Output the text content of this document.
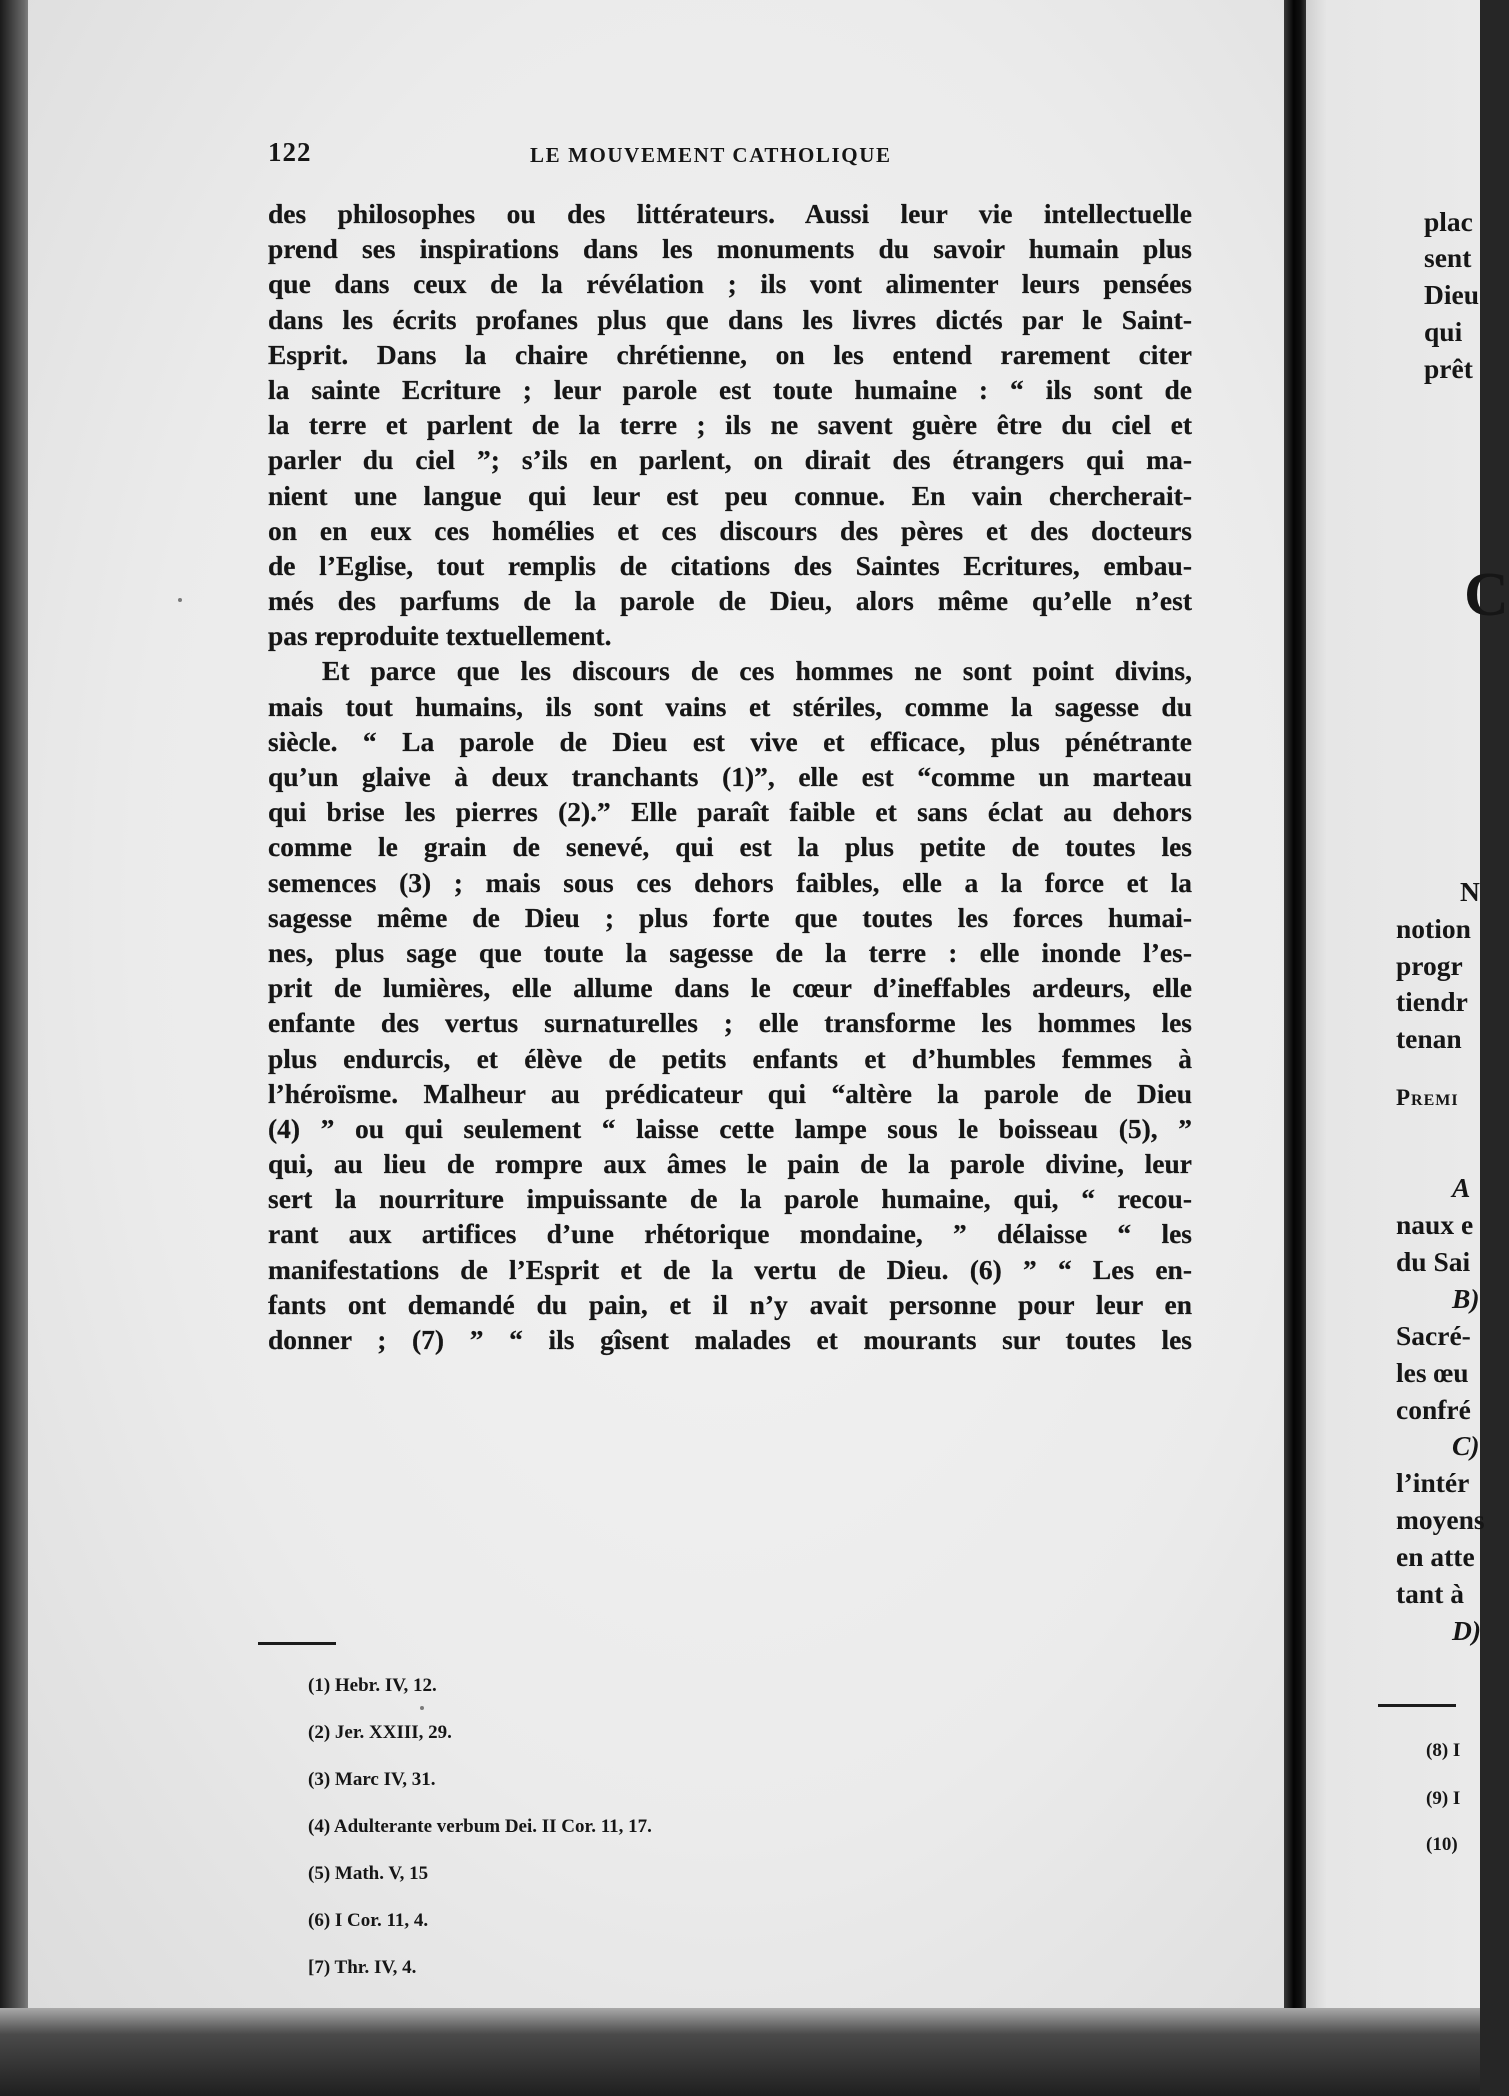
122	LE MOUVEMENT CATHOLIQUE
des philosophes ou des littérateurs. Aussi leur vie intellectuelle
prend ses inspirations dans les monuments du savoir humain plus
que dans ceux de la révélation ; ils vont alimenter leurs pensées
dans les écrits profanes plus que dans les livres dictés par le Saint-
Esprit. Dans la chaire chrétienne, on les entend rarement citer
la sainte Ecriture ; leur parole est toute humaine : “ ils sont de
la terre et parlent de la terre ; ils ne savent guère être du ciel et
parler du ciel ”; s’ils en parlent, on dirait des étrangers qui ma-
nient une langue qui leur est peu connue. En vain chercherait-
on en eux ces homélies et ces discours des pères et des docteurs
de l’Eglise, tout remplis de citations des Saintes Ecritures, embau-
més des parfums de la parole de Dieu, alors même qu’elle n’est
pas reproduite textuellement.
Et parce que les discours de ces hommes ne sont point divins,
mais tout humains, ils sont vains et stériles, comme la sagesse du
siècle. “ La parole de Dieu est vive et efficace, plus pénétrante
qu’un glaive à deux tranchants (1)”, elle est “comme un marteau
qui brise les pierres (2).” Elle paraît faible et sans éclat au dehors
comme le grain de senevé, qui est la plus petite de toutes les
semences (3) ; mais sous ces dehors faibles, elle a la force et la
sagesse même de Dieu ; plus forte que toutes les forces humai-
nes, plus sage que toute la sagesse de la terre : elle inonde l’es-
prit de lumières, elle allume dans le cœur d’ineffables ardeurs, elle
enfante des vertus surnaturelles ; elle transforme les hommes les
plus endurcis, et élève de petits enfants et d’humbles femmes à
l’héroïsme. Malheur au prédicateur qui “altère la parole de Dieu
(4) ” ou qui seulement “ laisse cette lampe sous le boisseau (5), ”
qui, au lieu de rompre aux âmes le pain de la parole divine, leur
sert la nourriture impuissante de la parole humaine, qui, “ recou-
rant aux artifices d’une rhétorique mondaine, ” délaisse “ les
manifestations de l’Esprit et de la vertu de Dieu. (6) ” “ Les en-
fants ont demandé du pain, et il n’y avait personne pour leur en
donner ; (7) ” “ ils gîsent malades et mourants sur toutes les
(1) Hebr. IV, 12.
(2) Jer. XXIII, 29.
(3) Marc IV, 31.
(4) Adulterante verbum Dei. II Cor. 11, 17.
(5) Math. V, 15
(6) I Cor. 11, 4.
[7) Thr. IV, 4.
plac
sent
Dieu
qui
prêt
C
N
notion
progr
tiendr
tenan
Premi
A
naux e
du Sai
B)
Sacré-
les œu
confré
C)
l’intér
moyens
en atte
tant à
D)
(8) I
(9) I
(10)
